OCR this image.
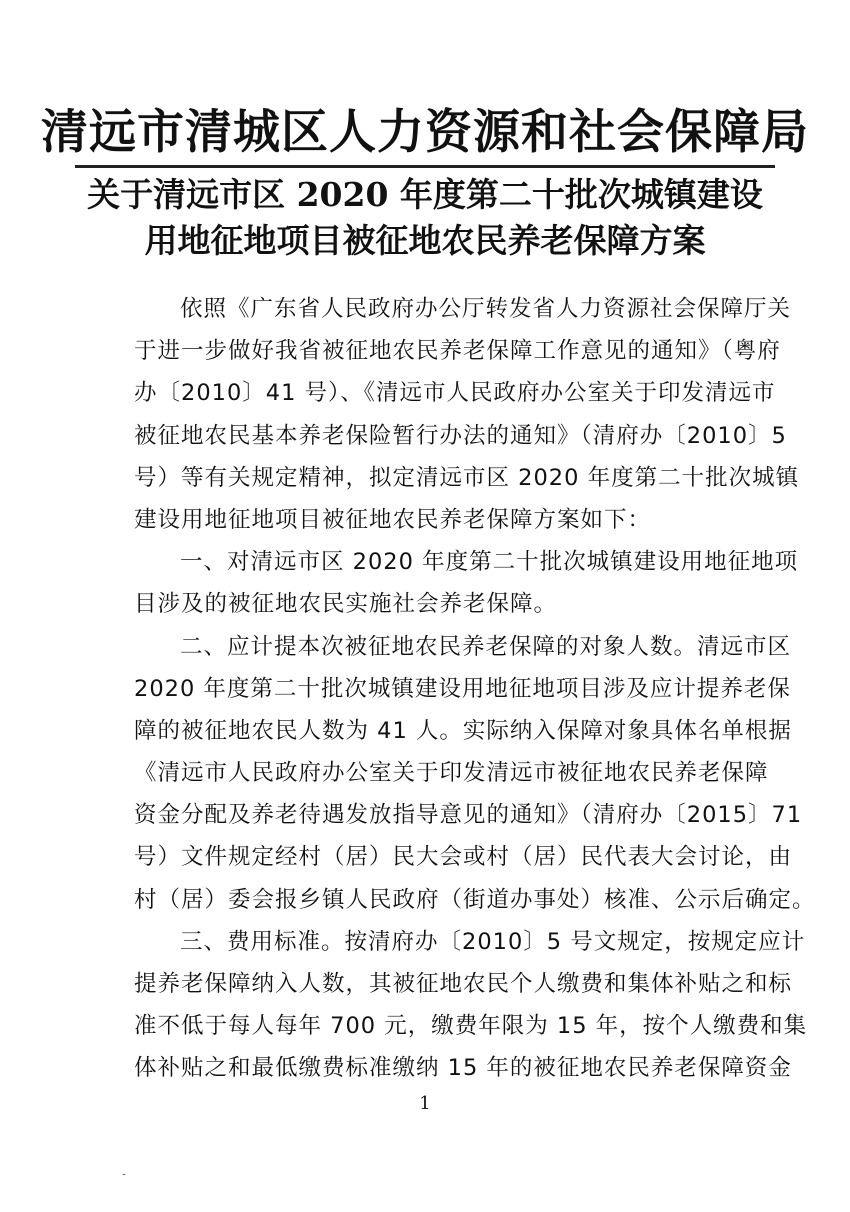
清远市清城区人力资源和社会保障局
关于清远市区 2020 年度第二十批次城镇建设
用地征地项目被征地农民养老保障方案
依照《广东省人民政府办公厅转发省人力资源社会保障厅关
于进一步做好我省被征地农民养老保障工作意见的通知》（粤府
办〔2010〕41 号）、《清远市人民政府办公室关于印发清远市
被征地农民基本养老保险暂行办法的通知》（清府办〔2010〕5
号）等有关规定精神，拟定清远市区 2020 年度第二十批次城镇
建设用地征地项目被征地农民养老保障方案如下：
一、对清远市区 2020 年度第二十批次城镇建设用地征地项
目涉及的被征地农民实施社会养老保障。
二、应计提本次被征地农民养老保障的对象人数。清远市区
2020 年度第二十批次城镇建设用地征地项目涉及应计提养老保
障的被征地农民人数为 41 人。实际纳入保障对象具体名单根据
《清远市人民政府办公室关于印发清远市被征地农民养老保障
资金分配及养老待遇发放指导意见的通知》（清府办〔2015〕71
号）文件规定经村（居）民大会或村（居）民代表大会讨论，由
村（居）委会报乡镇人民政府（街道办事处）核准、公示后确定。
三、费用标准。按清府办〔2010〕5 号文规定，按规定应计
提养老保障纳入人数，其被征地农民个人缴费和集体补贴之和标
准不低于每人每年 700 元，缴费年限为 15 年，按个人缴费和集
体补贴之和最低缴费标准缴纳 15 年的被征地农民养老保障资金
1
-
